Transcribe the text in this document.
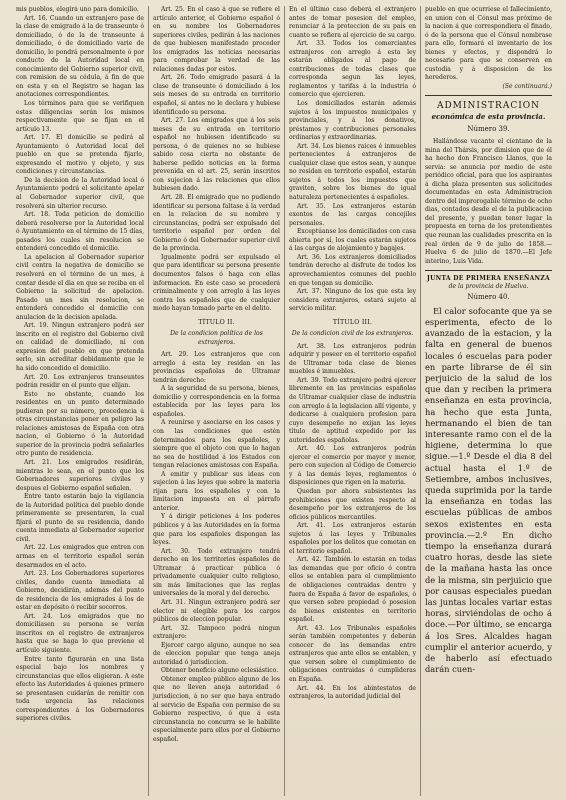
mis pueblos, elegirá uno para domicilio.

Art. 16. Cuando un extranjero pase de la clase de emigrado á la de transeunte ó domiciliado, ó de la de transeunte á domiciliado, ó de domiciliado varie de domicilio, lo pondrá personalmente ó por conducto de la Autoridad local en conocimiento del Gobierno superior civil, con remision de su cédula, á fin de que en esta y en el Registro se hagan las anotaciones correspondientes.

Los términos para que se verifiquen estas diligencias serán los mismos respectivamente que se fijan en el artículo 13.

Art. 17. El domicilio se pedirá al Ayuntamiento ó Autoridad local del pueblo en que se pretenda fijarlo, expresando el motivo y objeto, y sus condiciones y circunstancias.

De la decision de la Autoridad local ó Ayuntamiento podrá el solicitante apelar al Gobernador superior civil, que resolverá sin ulterior recurso.

Art. 18. Toda peticion de domicilio deberá resolverse por la Autoridad local ó Ayuntamiento en el término de 15 días, pasados los cuales sin resolucion se entenderá concedido el domicilio.

La apelacion al Gobernador superior civil contra la negativa de domicilio se resolverá en el término de un mes, á contar desde el dia en que se reciba en el Gobierno la solicitud de apelacion. Pasado un mes sin resolucion, se entenderá concedido el domicilio con anulacion de la decision apelada.

Art. 19. Ningun extranjero podrá ser inscrito en el registro del Gobierno civil en calidad de domiciliado, ni con expresion del pueblo en que pretenda serlo, sin acreditar debidamente que le ha sido concedido el domicilio.

Art. 20. Los extranjeros transeuntes podrán residir en el punto que elijan.

Esto no obstante, cuando los residentes en un punto determinado pudieran por su número, procedencia ú otras circunstancias poner en peligro las relaciones amistosas de España con otra nacion, el Gobierno ó la Autoridad superior de la provincia podrá señalarles otro punto de residencia.

Art. 21. Los emigrados residirán, mientras lo sean, en el punto que los Gobernadores superiores civiles y despues el Gobierno español señalen.

Entre tanto estarán bajo la vigilancia de la Autoridad política del pueblo donde primeramente se presentaren, la cual fijará el punto de su residencia, dando cuenta inmediata al Gobernador superior civil.

Art. 22. Los emigrados que entren con armas en el territorio español serán desarmados en el acto.

Art. 23. Los Gobernadores superiores civiles, dando cuenta inmediata al Gobierno, decidirán, además del punto de residencia de los emigrados á los de estar en depósito ó recibir socorros.

Art. 24. Los emigrados que no domiciliasen su persona se verán inscritos en el registro de extranjeros hasta que se haga lo que previene el artículo siguiente.

Entre tanto figurarán en una lista especial bajo los nombres y circunstancias que ellos eligieran. A este efecto las Autoridades á quienes primero se presentasen cuidarán de remitir con toda urgencia las relaciones correspondientes á los Gobernadores superiores civiles.

Art. 25. En el caso á que se refiere el artículo anterior, el Gobierno español ó en su nombre los Gobernadores superiores civiles, pedirán á las naciones de que hubiesen manifestado proceder los emigrados las noticias necesarias para comprobar la verdad de las relaciones dadas por estos.

Art. 26. Todo emigrado pasará á la clase de transeunte ó domiciliado á los seis meses de su entrada en territorio español, si antes no le declara y hubiese identificado su persona.

Art. 27. Los emigrados que á los seis meses de su entrada en territorio español no hubiesen identificado su persona, ó de quienes no se hubiese sabido cosa cierta no obstante de haberse pedido noticias en la forma prevenida en el art. 25, serán inscritos con sujecion á las relaciones que ellos hubiesen dado.

Art. 28. El emigrado que no pudiendo identificar su persona faltase á la verdad en la relacion de su nombre y circunstancias, podrá ser expulsado del territorio español por orden del Gobierno ó del Gobernador superior civil de la provincia.

Igualmente podrá ser expulsado el que para identificar su persona presente documentos falsos ó haga con ellas informacion. En este caso se procederá criminalmente y con arreglo á las leyes contra los españoles que de cualquier modo hayan tomado parte en el delito.

TÍTULO II.
De la condicion política de los extranjeros.

Art. 29. Los extranjeros que con arreglo á esta ley residan en las provincias españolas de Ultramar tendrán derecho:

A la seguridad de su persona, bienes, domicilio y correspondencia en la forma establecida por las leyes para los españoles.

A reunirse y asociarse en los casos y con las condiciones que estén determinados para los españoles, y siempre que el objeto con que lo hagan no sea de hostilidad á los Estados con tengan relaciones amistosas con España.

A emitir y publicar sus ideas con sujecion á las leyes que sobre la materia rijan para los españoles y con la limitacion impuesta en el párrafo anterior.

Y á dirigir peticiones á los poderes públicos y á las Autoridades en la forma que para los españoles dispongan las leyes.

Art. 30. Todo extranjero tendrá derecho en los territorios españoles de Ultramar á practicar pública ó privadamente cualquier culto religioso, sin más limitaciones que las reglas universales de la moral y del derecho.

Art. 31. Ningun extranjero podrá ser elector ni elegible para los cargos públicos de eleccion popular.

Art. 32. Tampoco podrá ningun extranjero:

Ejercer cargo alguno, aunque no sea de eleccion popular que tenga aneja autoridad ó jurisdiccion.

Obtener beneficio alguno eclesiástico.

Obtener empleo público alguno de los que no lleven aneja autoridad ó jurisdiccion, á no ser que haya entrado al servicio de España con permiso de su Gobierno respectivo, ó que á esta circunstancia no concurra se le habilite especialmente para ellos por el Gobierno español.

En el último caso deberá el extranjero antes de tomar posesion del empleo, renunciar á la proteccion de su país en cuanto se refiera al ejercicio de su cargo.

Art. 33. Todos los comerciantes extranjeros con arreglo á esta ley estarán obligados al pago de contribuciones de todas clases que corresponda segun las leyes, reglamentos y tarifas á la industria ó comercio que ejercieren.

Los domiciliados estarán además sujetos á los impuestos municipales y provinciales, y á los donativos, préstamos y contribuciones personales ordinarias y extraordinarias.

Art. 34. Los bienes raices é inmuebles pertenecientes á extranjeros de cualquier clase que estos sean, y aunque no residan en territorio español, estarán sujetos á todos los impuestos que graviten, sobre los bienes de igual naturaleza pertenecientes á españoles.

Art. 35. Los extranjeros estarán exentos de las cargas concejiles personales.

Exceptúanse los domiciliados con casa abierta por sí, los cuales estarán sujetos á las cargas de alojamiento y bagajes.

Art. 36. Los extranjeros domiciliados tendrán derecho al disfrute de todos los aprovechamientos comunes del pueblo en que tengan su domicilio.

Art. 37. Ninguno de los que esta ley considera extranjeros, estará sujeto al servicio militar.

TÍTULO III.
De la condicion civil de los extranjeros.

Art. 38. Los extranjeros podrán adquirir y poseer en el territorio español de Ultramar toda clase de bienes muebles é inmuebles.

Art. 39. Todo extranjero podrá ejercer libremente en las provincias españolas de Ultramar cualquier clase de industria con arreglo á la legislacion allí vigente, y dedicarse á cualquiera profesion para cuyo desempeño no exijan las leyes título de aptitud expedido por las autoridades españolas.

Art. 40. Los extranjeros podrán ejercer el comercio por mayor y menor, pero con sujecion al Código de Comercio y á las demás leyes, reglamentos ó disposiciones que rigen en la materia.

Quedan por ahora subsistentes las prohibiciones que existen respecto al desempeño por los extranjeros de los oficios públicos mercantiles.

Art. 41. Los extranjeros estarán sujetos á las leyes y Tribunales españoles por los delitos que cometan en el territorio español.

Art. 42. También lo estarán en todas las demandas que por oficio ó contra ellos se entablen para el cumplimiento de obligaciones contraidas dentro y fuera de España á favor de españoles, ó que versen sobre propiedad ó posesion de bienes existentes en territorio español.

Art. 43. Los Tribunales españoles serán también competentes y deberán conocer de las demandas entre extranjeros que ante ellos se entablen, y que versen sobre el cumplimiento de obligaciones contraidas ó cumplideras en España.

Art. 44. En los abintestatos de extranjeros, la autoridad judicial del

pueblo en que ocurriese el fallecimiento, en union con el Cónsul mas próximo de la nacion á que correspondiera el finado, ó de la persona que el Cónsul nombrase para ello, formará el inventario de los bienes y efectos, y dispondrá lo necesario para que se conserven en custodia y á disposicion de los herederos.

(Se continuará.)

ADMINISTRACION
económica de esta provincia.
Número 39.

Hallándose vacante el cientano de la mina del Thársis, por dimision que de él ha hecho don Francisco Llanos, que la servia: se anuncia por medio de este periódico oficial, para que los aspirantes á dicha plaza presenten sus solicitudes documentadas en esta Administracion dentro del improrogable término de ocho dias, contados desde el de la publicacion del presente, y puedan tener lugar la propuesta en terna de los pretendientes que reunan las cualidades prescrita en la real órden de 9 de julio de 1858.—Huelva 6 de julio de 1870.—El Jefe interino, Luis Vida.

JUNTA DE PRIMERA ENSEÑANZA
de la provincia de Huelva.
Número 40.

El calor sofocante que ya se esperimenta, efecto de lo avanzado de la estacion, y la falta en general de buenos locales ó escuelas para poder en parte librarse de él sin perjuicio de la salud de los que dan y reciben la primera enseñanza en esta provincia, ha hecho que esta Junta, hermanando el bien de tan interesante ramo con el de la higiene, determina lo que sigue.—1.º Desde el dia 8 del actual hasta el 1.º de Setiembre, ambos inclusives, queda suprimida por la tarde la enseñanza en todas las escuelas públicas de ambos sexos existentes en esta provincia.—2.º En dicho tiempo la enseñanza durará cuatro horas, desde las siete de la mañana hasta las once de la misma, sin perjuicio que por causas especiales puedan las juntas locales variar estas horas, sirviéndolas de ocho á doce.—Por último, se encarga á los Sres. Alcaldes hagan cumplir el anterior acuerdo, y de haberlo así efectuado darán cuen-
